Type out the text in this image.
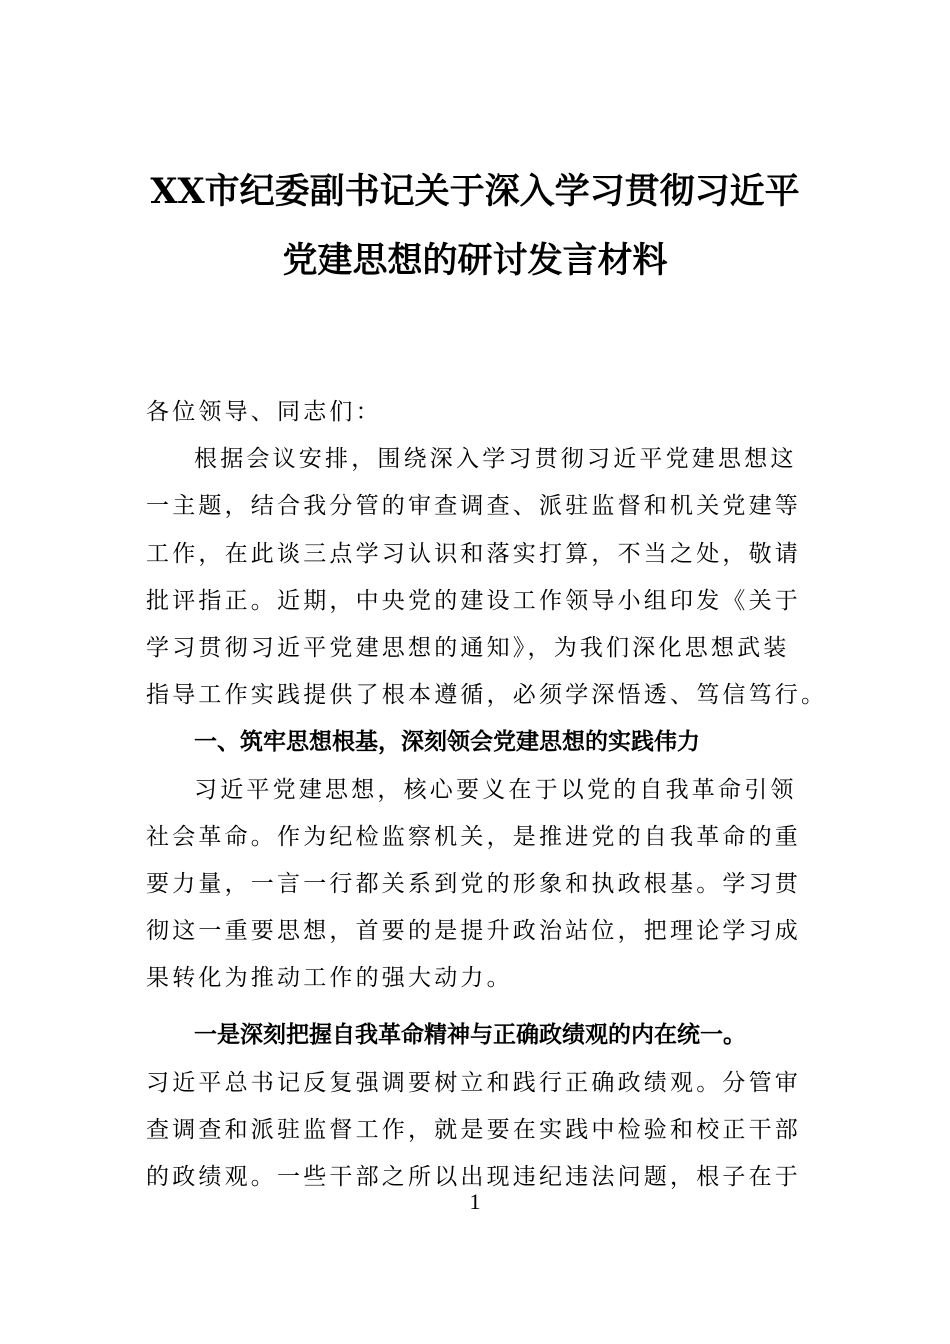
XX市纪委副书记关于深入学习贯彻习近平
党建思想的研讨发言材料
各位领导、同志们：
根据会议安排，围绕深入学习贯彻习近平党建思想这
一主题，结合我分管的审查调查、派驻监督和机关党建等
工作，在此谈三点学习认识和落实打算，不当之处，敬请
批评指正。近期，中央党的建设工作领导小组印发《关于
学习贯彻习近平党建思想的通知》，为我们深化思想武装
指导工作实践提供了根本遵循，必须学深悟透、笃信笃行。
一、筑牢思想根基，深刻领会党建思想的实践伟力
习近平党建思想，核心要义在于以党的自我革命引领
社会革命。作为纪检监察机关，是推进党的自我革命的重
要力量，一言一行都关系到党的形象和执政根基。学习贯
彻这一重要思想，首要的是提升政治站位，把理论学习成
果转化为推动工作的强大动力。
一是深刻把握自我革命精神与正确政绩观的内在统一。
习近平总书记反复强调要树立和践行正确政绩观。分管审
查调查和派驻监督工作，就是要在实践中检验和校正干部
的政绩观。一些干部之所以出现违纪违法问题，根子在于
1
